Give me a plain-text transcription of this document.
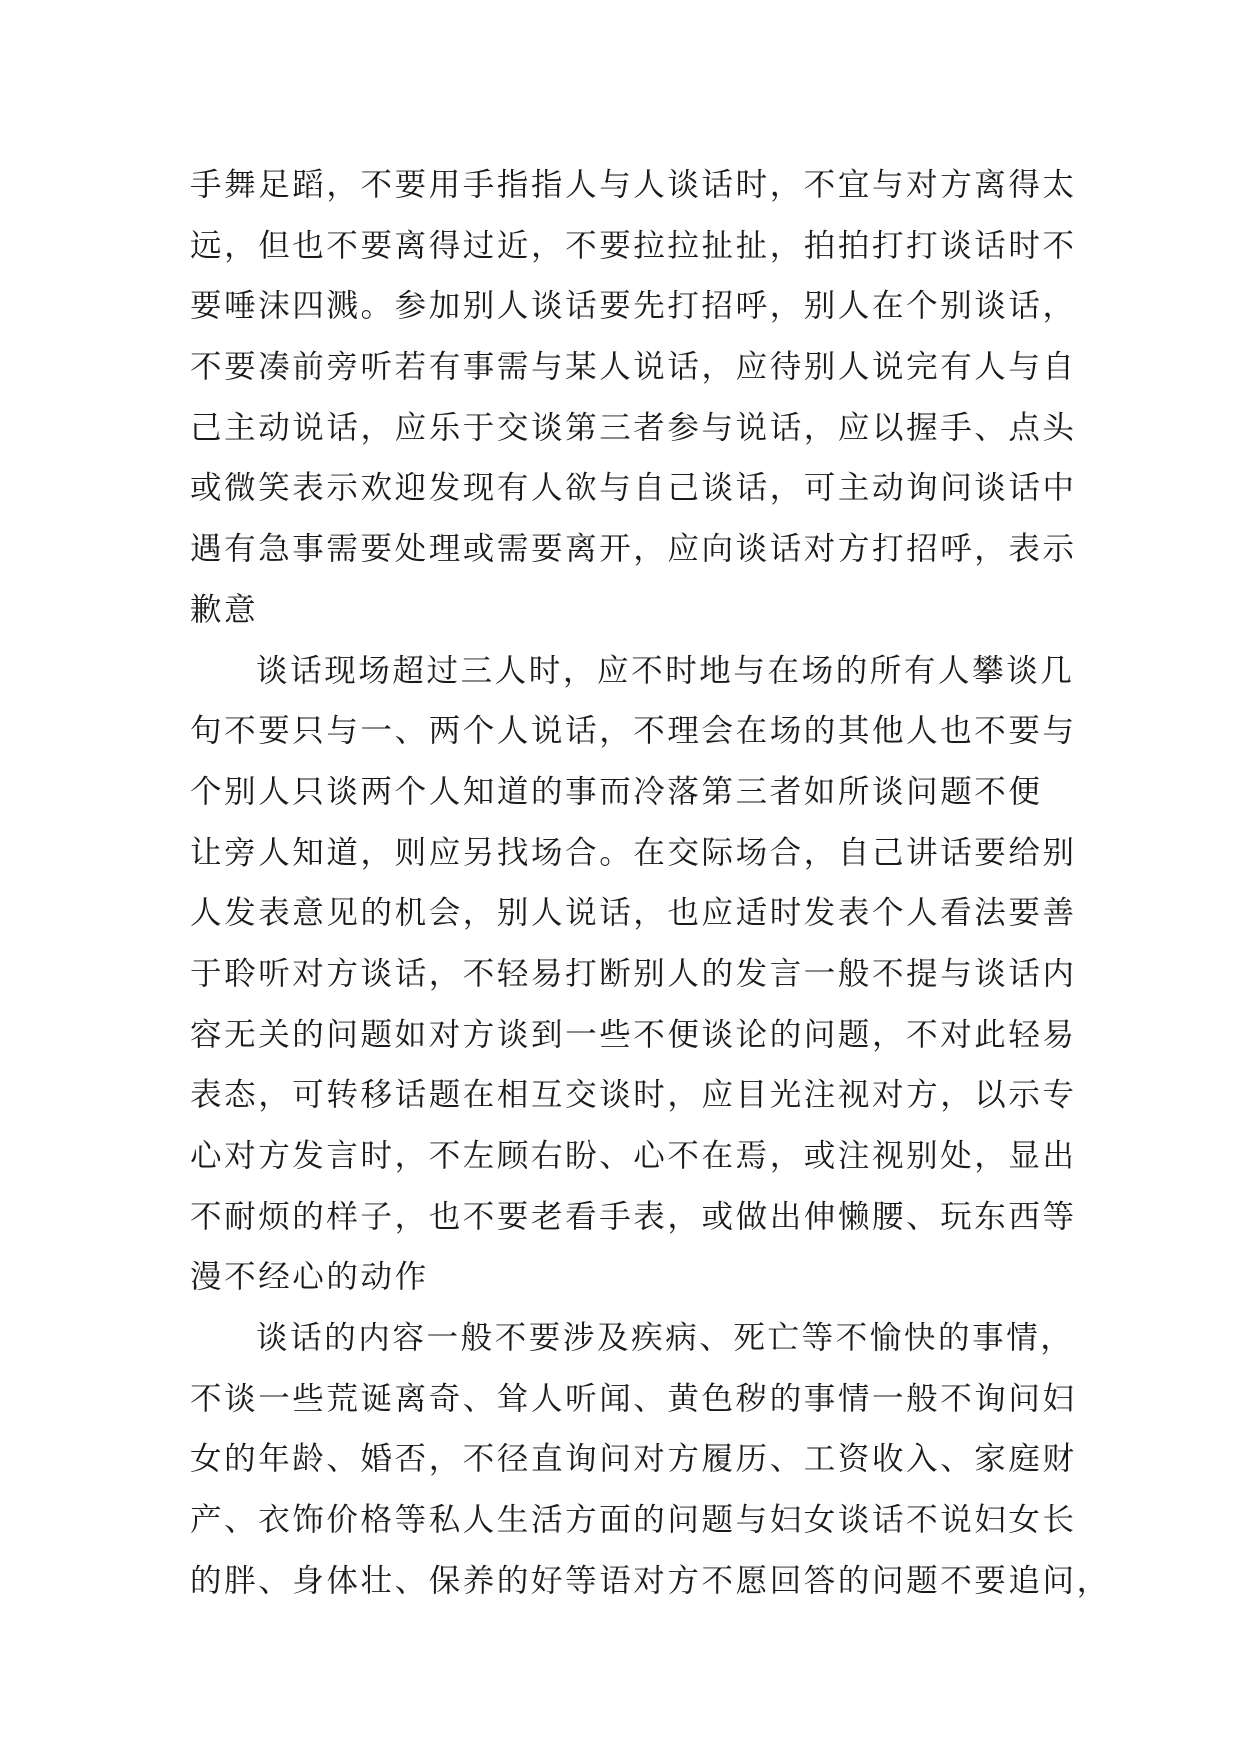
手舞足蹈，不要用手指指人与人谈话时，不宜与对方离得太
远，但也不要离得过近，不要拉拉扯扯，拍拍打打谈话时不
要唾沫四溅。参加别人谈话要先打招呼，别人在个别谈话，
不要凑前旁听若有事需与某人说话，应待别人说完有人与自
己主动说话，应乐于交谈第三者参与说话，应以握手、点头
或微笑表示欢迎发现有人欲与自己谈话，可主动询问谈话中
遇有急事需要处理或需要离开，应向谈话对方打招呼，表示
歉意
谈话现场超过三人时，应不时地与在场的所有人攀谈几
句不要只与一、两个人说话，不理会在场的其他人也不要与
个别人只谈两个人知道的事而冷落第三者如所谈问题不便
让旁人知道，则应另找场合。在交际场合，自己讲话要给别
人发表意见的机会，别人说话，也应适时发表个人看法要善
于聆听对方谈话，不轻易打断别人的发言一般不提与谈话内
容无关的问题如对方谈到一些不便谈论的问题，不对此轻易
表态，可转移话题在相互交谈时，应目光注视对方，以示专
心对方发言时，不左顾右盼、心不在焉，或注视别处，显出
不耐烦的样子，也不要老看手表，或做出伸懒腰、玩东西等
漫不经心的动作
谈话的内容一般不要涉及疾病、死亡等不愉快的事情，
不谈一些荒诞离奇、耸人听闻、黄色秽的事情一般不询问妇
女的年龄、婚否，不径直询问对方履历、工资收入、家庭财
产、衣饰价格等私人生活方面的问题与妇女谈话不说妇女长
的胖、身体壮、保养的好等语对方不愿回答的问题不要追问，
